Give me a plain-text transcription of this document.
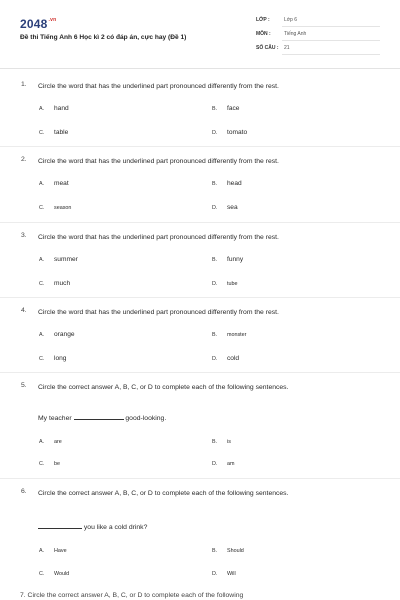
$2048^{.vn}$
Đề thi Tiếng Anh 6 Học kì 2 có đáp án, cực hay (Đề 1)
LỚP :	Lớp 6
MÔN :	Tiếng Anh
SỐ CÂU : 21
1. Circle the word that has the underlined part pronounced differently from the rest.
A. hand	B. face
C. table	D. tomato
2. Circle the word that has the underlined part pronounced differently from the rest.
A. meat	B. head
C. season	D. sea
3. Circle the word that has the underlined part pronounced differently from the rest.
A. summer	B. funny
C. much	D. tube
4. Circle the word that has the underlined part pronounced differently from the rest.
A. orange	B. monster
C. long	D. cold
5. Circle the correct answer A, B, C, or D to complete each of the following sentences.
My teacher	good-looking.
A. are	B. is
C. be	D. am
6. Circle the correct answer A, B, C, or D to complete each of the following sentences.
you like a cold drink?
A. Have	B. Should
C. Would	D. Will
7. Circle the correct answer A, B, C, or D to complete each of the following
